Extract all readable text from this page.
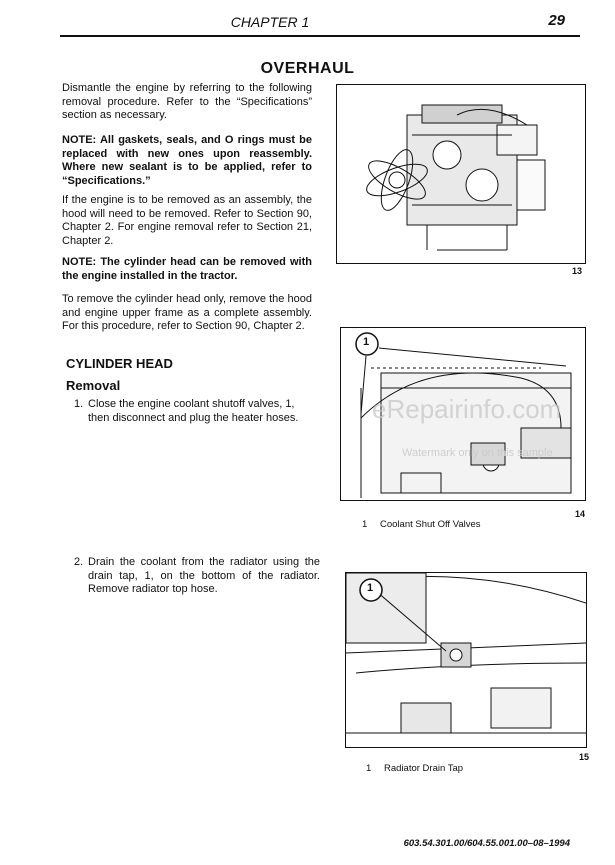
CHAPTER 1	29
OVERHAUL
Dismantle the engine by referring to the following removal procedure. Refer to the “Specifications” section as necessary.
NOTE: All gaskets, seals, and O rings must be replaced with new ones upon reassembly. Where new sealant is to be applied, refer to “Specifications.”
If the engine is to be removed as an assembly, the hood will need to be removed. Refer to Section 90, Chapter 2. For engine removal refer to Section 21, Chapter 2.
NOTE: The cylinder head can be removed with the engine installed in the tractor.
To remove the cylinder head only, remove the hood and engine upper frame as a complete assembly. For this procedure, refer to Section 90, Chapter 2.
CYLINDER HEAD
Removal
1. Close the engine coolant shutoff valves, 1, then disconnect and plug the heater hoses.
2. Drain the coolant from the radiator using the drain tap, 1, on the bottom of the radiator. Remove radiator top hose.
13
1
14
1 Coolant Shut Off Valves
eRepairinfo.com
Watermark only on this sample
1
15
1 Radiator Drain Tap
603.54.301.00/604.55.001.00–08–1994
